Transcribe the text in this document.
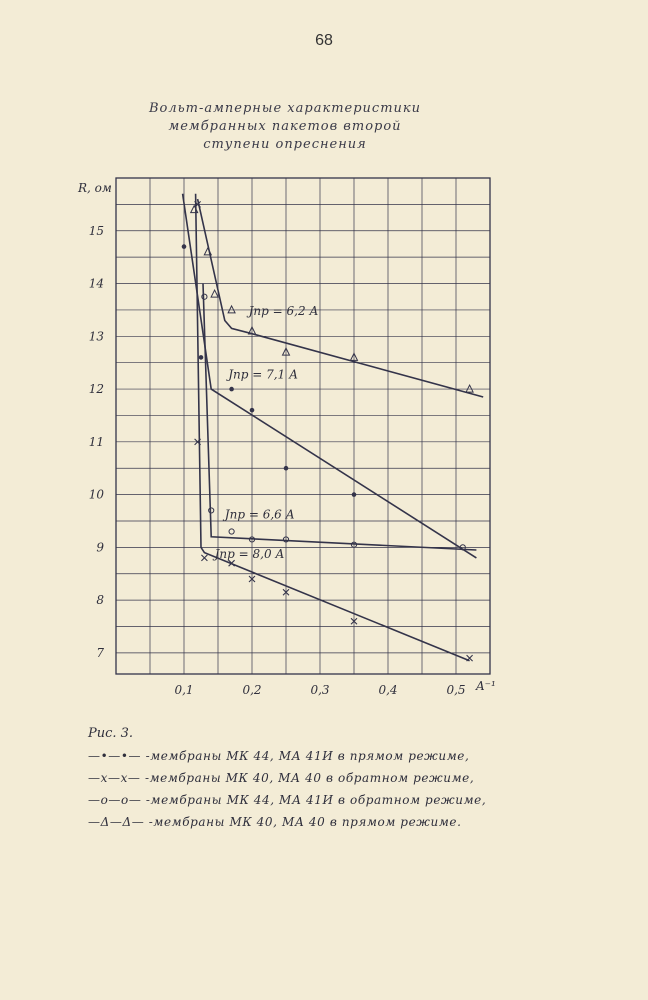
68
Вольт-амперные характеристики
мембранных пакетов второй
ступени опреснения
0,1	0,2	0,3	0,4	0,5
7
8
9
10
11
12
13
14
15
R, ом
A⁻¹
Jпр = 6,2 А
Jпр = 7,1 А
Jпр = 6,6 А
Jпр = 8,0 А
Рис. 3.
—•—•— -мембраны МК 44, МА 41И в прямом режиме,
—x—x— -мембраны МК 40, МА 40 в обратном режиме,
—o—o— -мембраны МК 44, МА 41И в обратном режиме,
—Δ—Δ— -мембраны МК 40, МА 40 в прямом режиме.
